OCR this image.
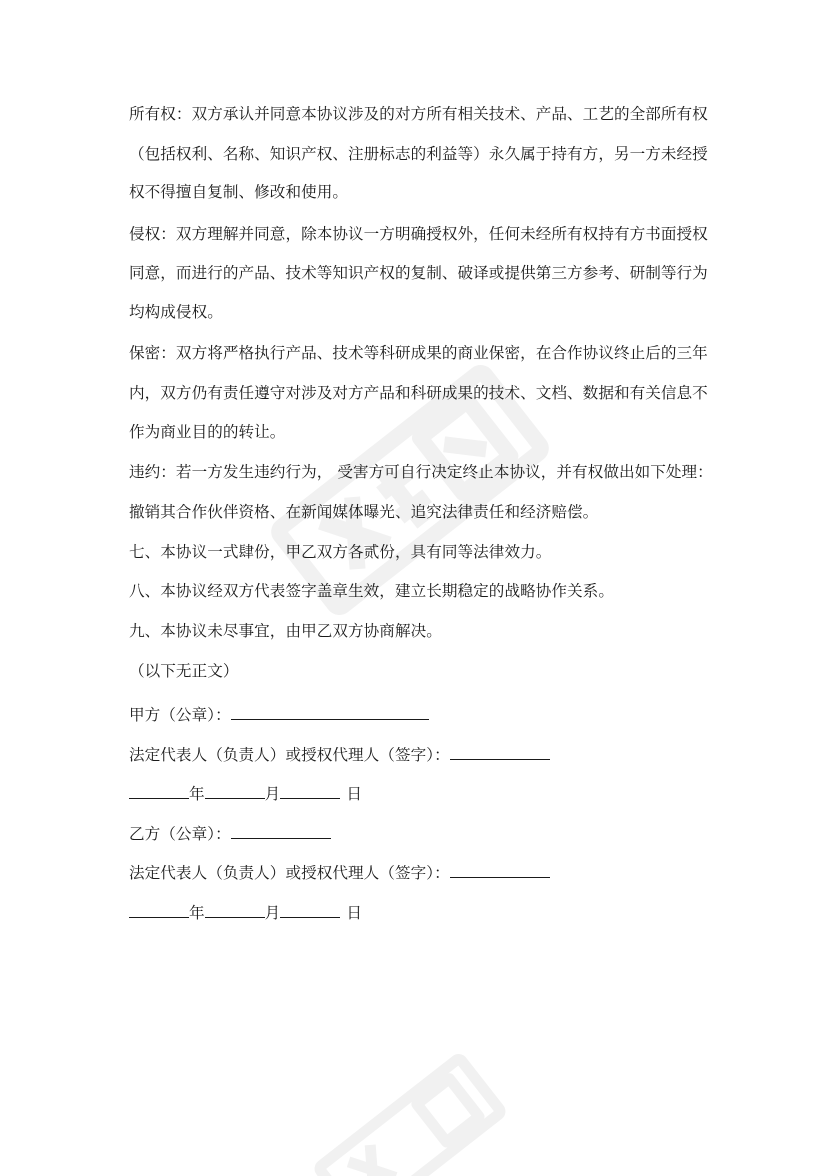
所有权：双方承认并同意本协议涉及的对方所有相关技术、产品、工艺的全部所有权
（包括权利、名称、知识产权、注册标志的利益等）永久属于持有方，另一方未经授
权不得擅自复制、修改和使用。
侵权：双方理解并同意，除本协议一方明确授权外，任何未经所有权持有方书面授权
同意，而进行的产品、技术等知识产权的复制、破译或提供第三方参考、研制等行为
均构成侵权。
保密：双方将严格执行产品、技术等科研成果的商业保密，在合作协议终止后的三年
内，双方仍有责任遵守对涉及对方产品和科研成果的技术、文档、数据和有关信息不
作为商业目的的转让。
违约：若一方发生违约行为， 受害方可自行决定终止本协议，并有权做出如下处理：
撤销其合作伙伴资格、在新闻媒体曝光、追究法律责任和经济赔偿。
七、本协议一式肆份，甲乙双方各贰份，具有同等法律效力。
八、本协议经双方代表签字盖章生效，建立长期稳定的战略协作关系。
九、本协议未尽事宜，由甲乙双方协商解决。
（以下无正文）
甲方（公章）：
法定代表人（负责人）或授权代理人（签字）：
年	月	日
乙方（公章）：
法定代表人（负责人）或授权代理人（签字）：
年	月	日
